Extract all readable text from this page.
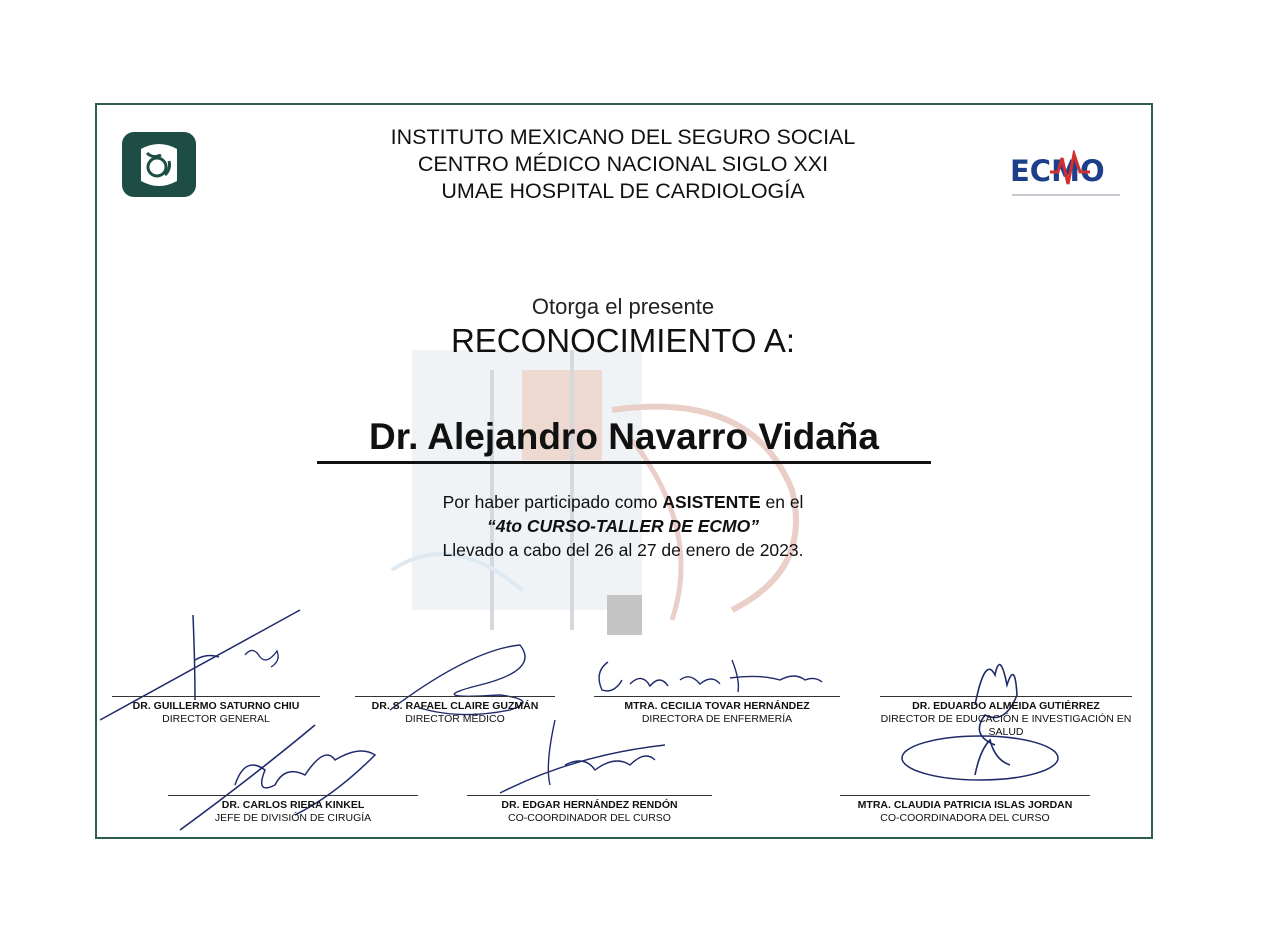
ECMO
INSTITUTO MEXICANO DEL SEGURO SOCIAL
CENTRO MÉDICO NACIONAL SIGLO XXI
UMAE HOSPITAL DE CARDIOLOGÍA
Otorga el presente
RECONOCIMIENTO A:
Dr. Alejandro Navarro Vidaña
Por haber participado como ASISTENTE en el
“4to CURSO-TALLER DE ECMO”
Llevado a cabo del 26 al 27 de enero de 2023.
DR. GUILLERMO SATURNO CHIU
DIRECTOR GENERAL
DR. S. RAFAEL CLAIRE GUZMÁN
DIRECTOR MÉDICO
MTRA. CECILIA TOVAR HERNÁNDEZ
DIRECTORA DE ENFERMERÍA
DR. EDUARDO ALMEIDA GUTIÉRREZ
DIRECTOR DE EDUCACIÓN E INVESTIGACIÓN EN SALUD
DR. CARLOS RIERA KINKEL
JEFE DE DIVISIÓN DE CIRUGÍA
DR. EDGAR HERNÁNDEZ RENDÓN
CO-COORDINADOR DEL CURSO
MTRA. CLAUDIA PATRICIA ISLAS JORDAN
CO-COORDINADORA DEL CURSO
